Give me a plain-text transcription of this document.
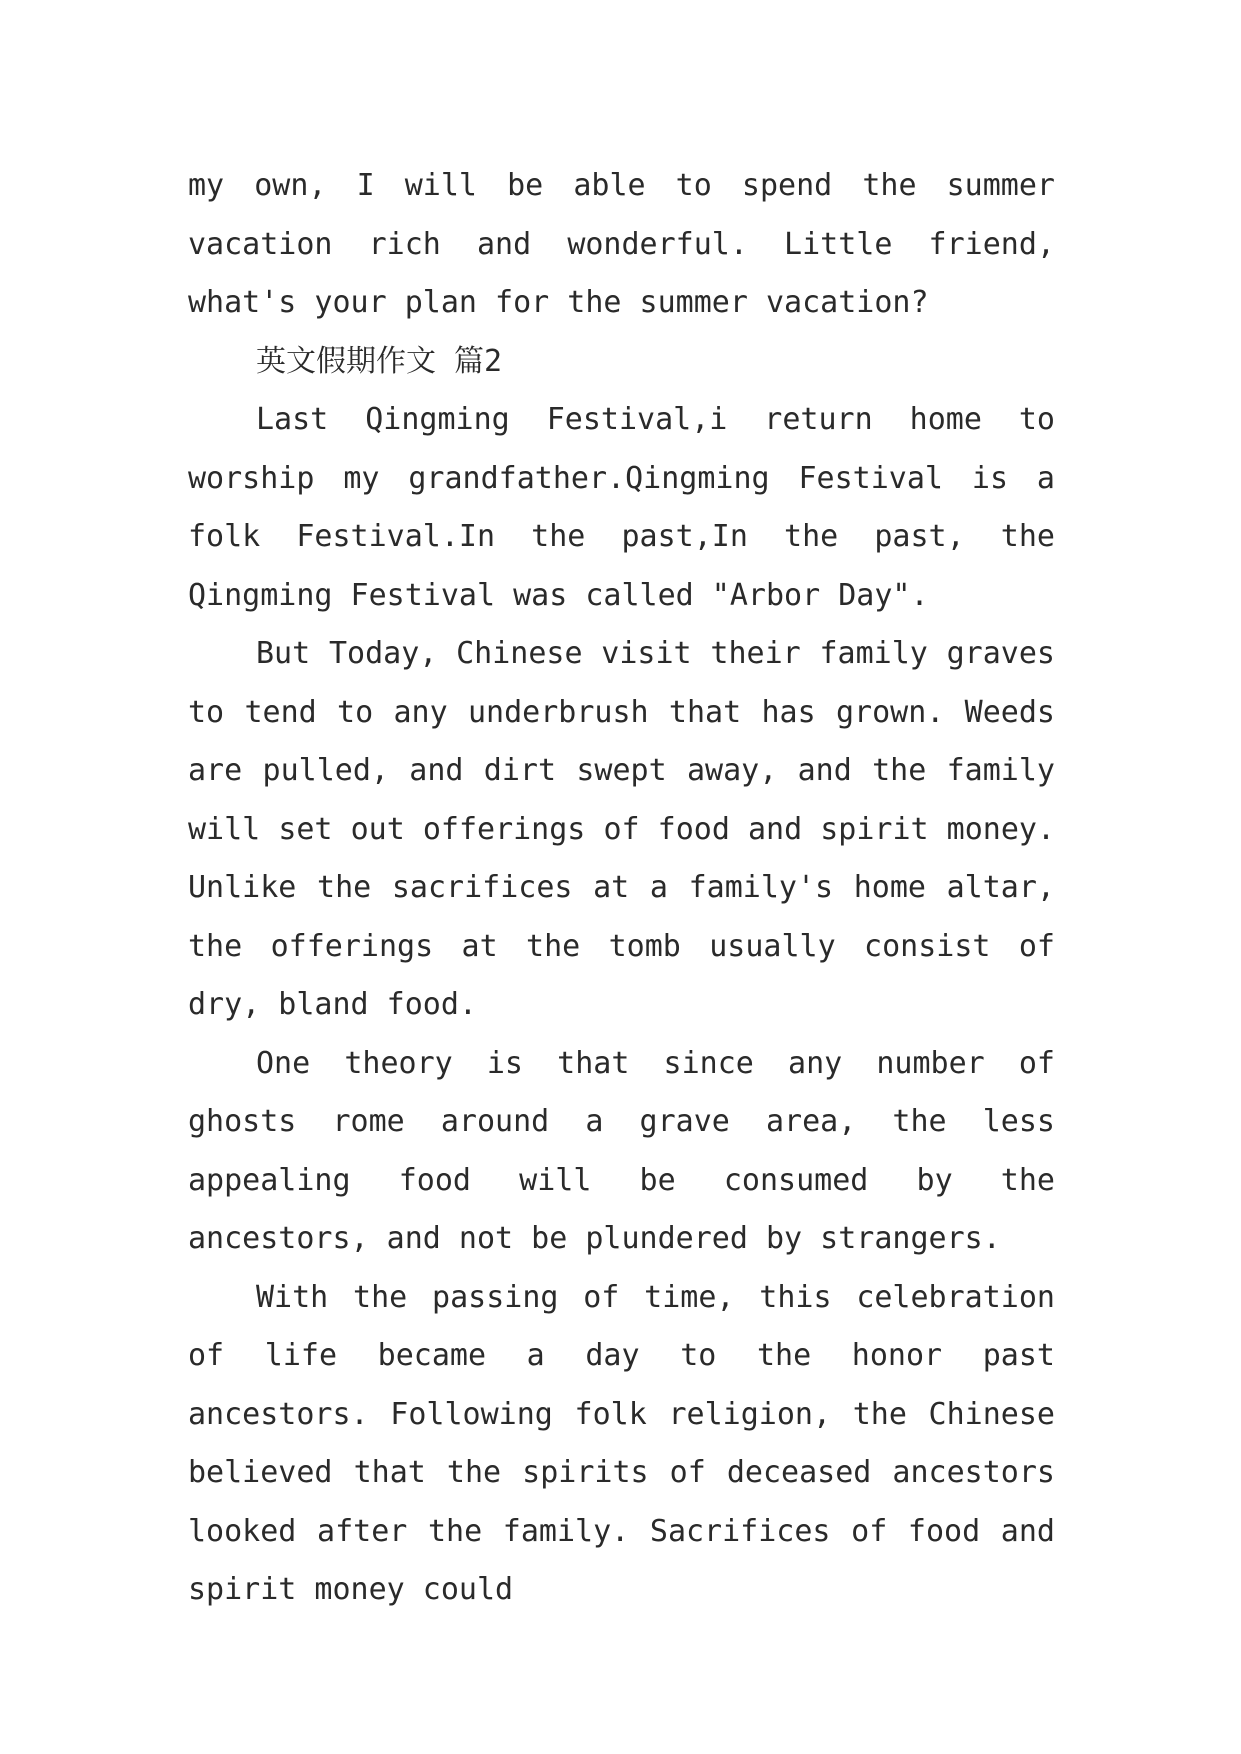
my own, I will be able to spend the summer vacation rich and wonderful. Little friend, what's your plan for the summer vacation?

英文假期作文 篇2

Last Qingming Festival,i return home to worship my grandfather.Qingming Festival is a folk Festival.In the past,In the past, the Qingming Festival was called "Arbor Day".

But Today, Chinese visit their family graves to tend to any underbrush that has grown. Weeds are pulled, and dirt swept away, and the family will set out offerings of food and spirit money. Unlike the sacrifices at a family's home altar, the offerings at the tomb usually consist of dry, bland food.

One theory is that since any number of ghosts rome around a grave area, the less appealing food will be consumed by the ancestors, and not be plundered by strangers.

With the passing of time, this celebration of life became a day to the honor past ancestors. Following folk religion, the Chinese believed that the spirits of deceased ancestors looked after the family. Sacrifices of food and spirit money could
